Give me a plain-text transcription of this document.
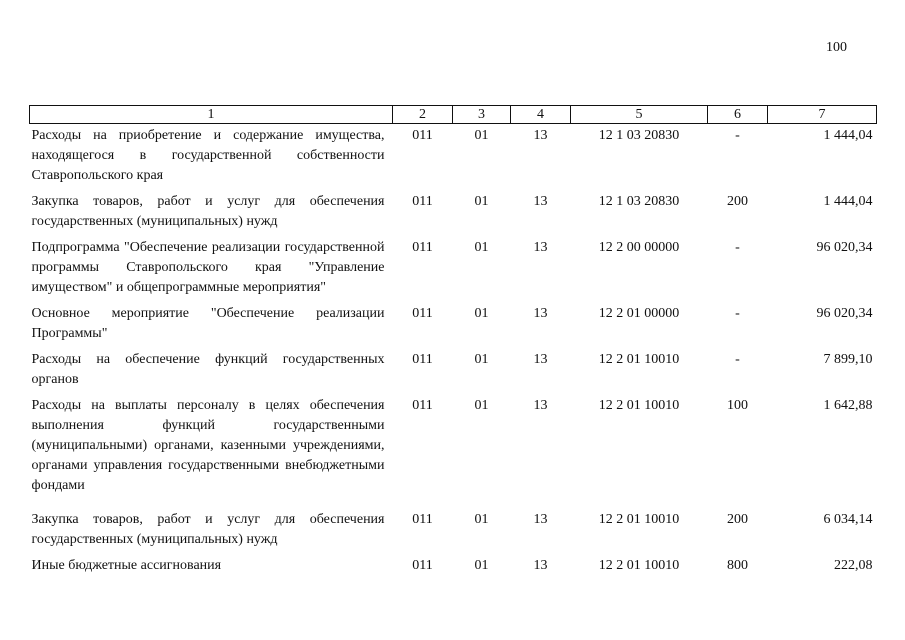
100
1	2	3	4	5	6	7
Расходы на приобретение и содержание имущества, находящегося в государственной собственности Ставропольского края	011	01	13	12 1 03 20830	-	1 444,04
Закупка товаров, работ и услуг для обеспечения государственных (муниципальных) нужд	011	01	13	12 1 03 20830	200	1 444,04
Подпрограмма "Обеспечение реализации государственной программы Ставропольского края "Управление имуществом" и общепрограммные мероприятия"	011	01	13	12 2 00 00000	-	96 020,34
Основное мероприятие "Обеспечение реализации Программы"	011	01	13	12 2 01 00000	-	96 020,34
Расходы на обеспечение функций государственных органов	011	01	13	12 2 01 10010	-	7 899,10
Расходы на выплаты персоналу в целях обеспечения выполнения функций государственными (муниципальными) органами, казенными учреждениями, органами управления государственными внебюджетными фондами	011	01	13	12 2 01 10010	100	1 642,88
Закупка товаров, работ и услуг для обеспечения государственных (муниципальных) нужд	011	01	13	12 2 01 10010	200	6 034,14
Иные бюджетные ассигнования	011	01	13	12 2 01 10010	800	222,08
